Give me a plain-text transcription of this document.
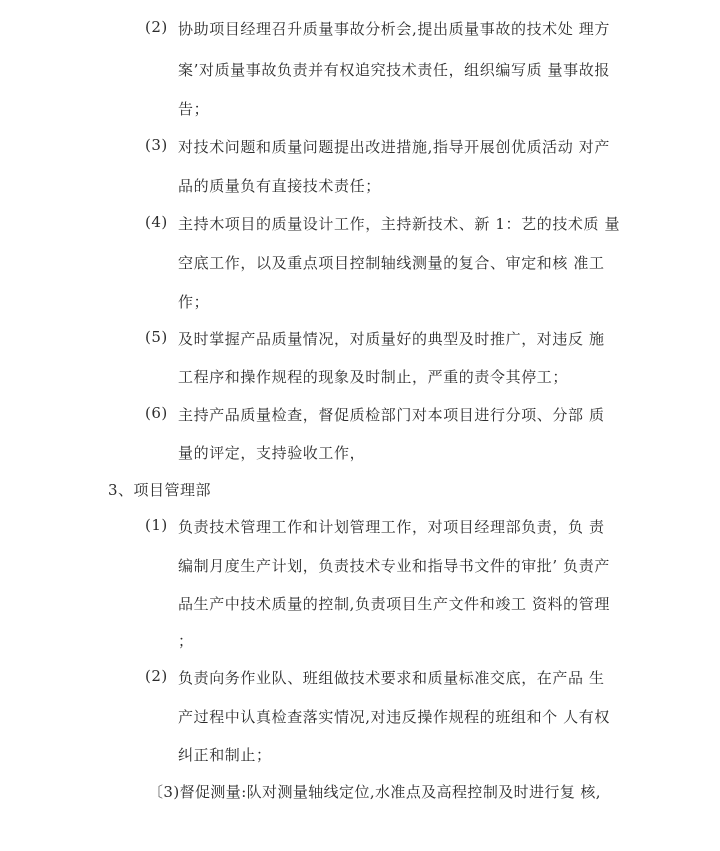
(2) 协助项目经理召升质量事故分析会,提出质量事故的技术处 理方
案’对质量事故负责并有权追究技术责任，组织编写质 量事故报
告；
(3) 对技术问题和质量问题提出改进措施,指导开展创优质活动 对产
品的质量负有直接技术责任；
(4) 主持木项目的质量设计工作，主持新技术、新 1：艺的技术质 量
空底工作，以及重点项目控制轴线测量的复合、审定和核 准工
作；
(5) 及时掌握产品质量情况，对质量好的典型及时推广，对违反 施
工程序和操作规程的现象及时制止，严重的责令其停工；
(6) 主持产品质量检查，督促质检部门对本项目进行分项、分部 质
量的评定，支持验收工作，
3、项目管理部
(1) 负责技术管理工作和计划管理工作，对项目经理部负责，负 责
编制月度生产计划，负责技术专业和指导书文件的审批’ 负责产
品生产中技术质量的控制,负责项目生产文件和竣工 资料的管理
；
(2) 负责向务作业队、班组做技术要求和质量标准交底，在产品 生
产过程中认真检查落实情况,对违反操作规程的班组和个 人有权
纠正和制止；
〔3)督促测量:队对测量轴线定位,水准点及高程控制及时进行复 核,
